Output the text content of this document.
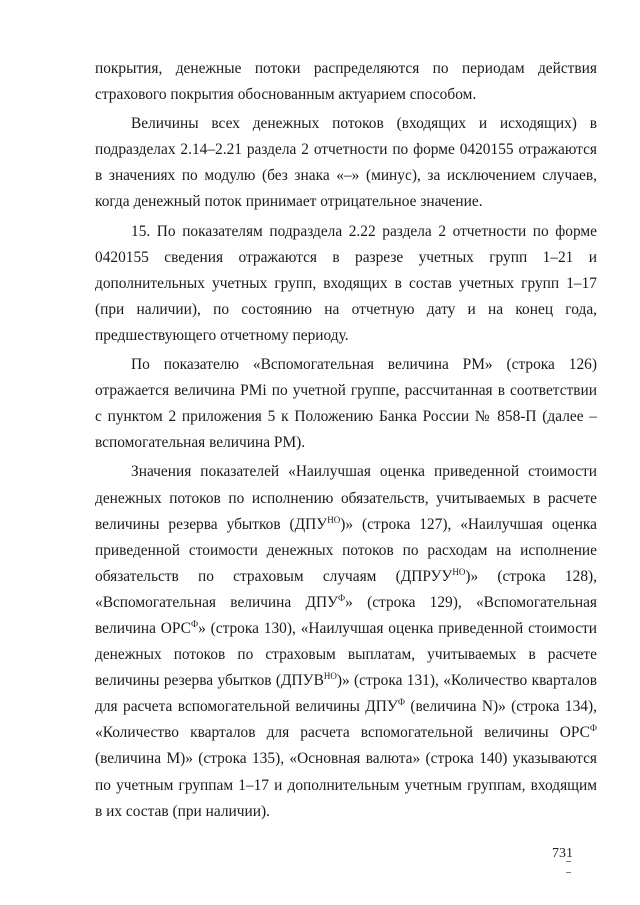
покрытия, денежные потоки распределяются по периодам действия страхового покрытия обоснованным актуарием способом.

Величины всех денежных потоков (входящих и исходящих) в подразделах 2.14–2.21 раздела 2 отчетности по форме 0420155 отражаются в значениях по модулю (без знака «–» (минус), за исключением случаев, когда денежный поток принимает отрицательное значение.

15. По показателям подраздела 2.22 раздела 2 отчетности по форме 0420155 сведения отражаются в разрезе учетных групп 1–21 и дополнительных учетных групп, входящих в состав учетных групп 1–17 (при наличии), по состоянию на отчетную дату и на конец года, предшествующего отчетному периоду.

По показателю «Вспомогательная величина РМ» (строка 126) отражается величина РМi по учетной группе, рассчитанная в соответствии с пунктом 2 приложения 5 к Положению Банка России № 858-П (далее – вспомогательная величина РМ).

Значения показателей «Наилучшая оценка приведенной стоимости денежных потоков по исполнению обязательств, учитываемых в расчете величины резерва убытков $(ДПУ^{НО})$» (строка 127), «Наилучшая оценка приведенной стоимости денежных потоков по расходам на исполнение обязательств по страховым случаям $(ДПРУУ^{НО})$» (строка 128), «Вспомогательная величина $ДПУ^Ф$» (строка 129), «Вспомогательная величина $ОРС^Ф$» (строка 130), «Наилучшая оценка приведенной стоимости денежных потоков по страховым выплатам, учитываемых в расчете величины резерва убытков $(ДПУВ^{НО})$» (строка 131), «Количество кварталов для расчета вспомогательной величины $ДПУ^Ф$ (величина N)» (строка 134), «Количество кварталов для расчета вспомогательной величины $ОРС^Ф$ (величина М)» (строка 135), «Основная валюта» (строка 140) указываются по учетным группам 1–17 и дополнительным учетным группам, входящим в их состав (при наличии).

731
